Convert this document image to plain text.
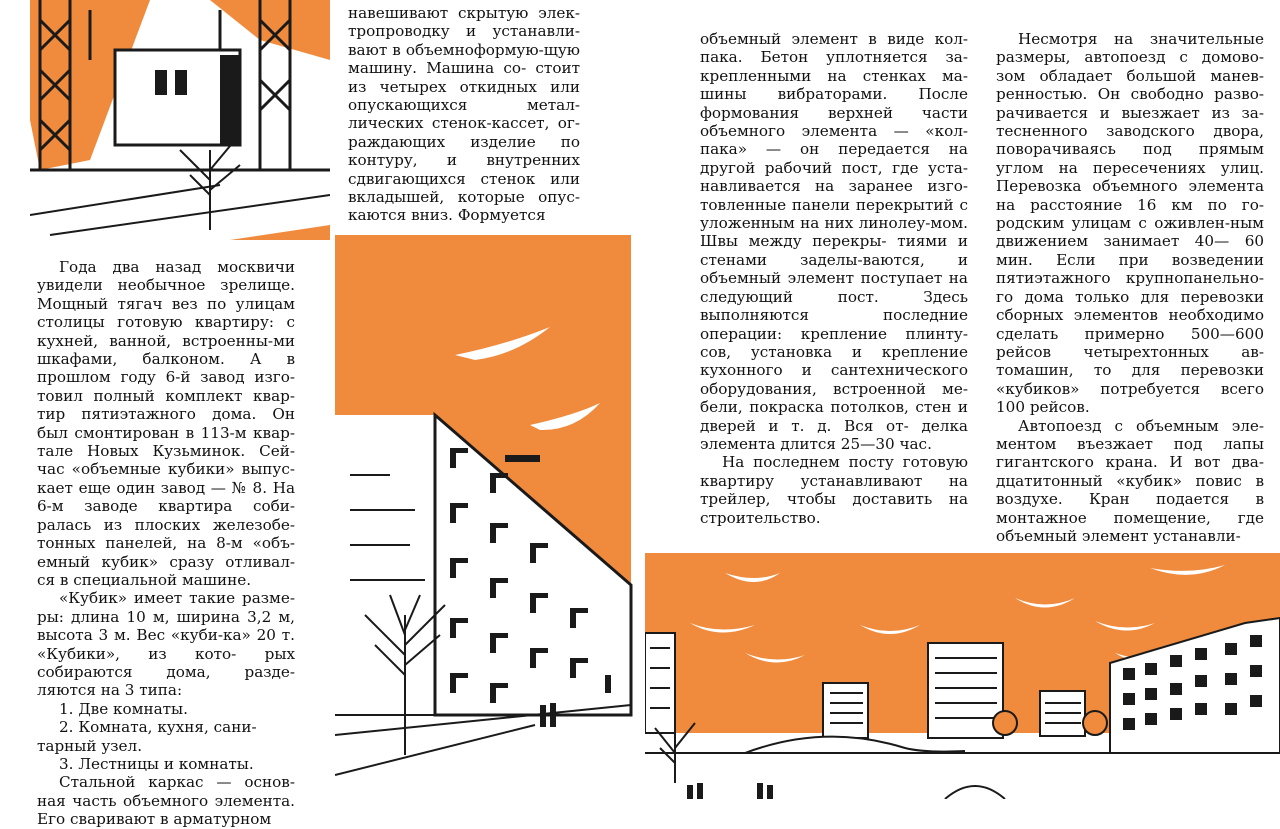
Года два назад москвичи увидели необычное зрелище. Мощный тягач вез по улицам столицы готовую квартиру: с кухней, ванной, встроенны-ми шкафами, балконом. А в прошлом году 6-й завод изго-товил полный комплект квар- тир пятиэтажного дома. Он был смонтирован в 113-м квар- тале Новых Кузьминок. Сей- час «объемные кубики» выпус- кает еще один завод — № 8. На 6-м заводе квартира соби- ралась из плоских железобе-тонных панелей, на 8-м «объ- емный кубик» сразу отливал- ся в специальной машине.

«Кубик» имеет такие разме-ры: длина 10 м, ширина 3,2 м, высота 3 м. Вес «куби-ка» 20 т. «Кубики», из кото- рых собираются дома, разде-ляются на 3 типа:

1. Две комнаты.
2. Комната, кухня, сани- тарный узел.
3. Лестницы и комнаты.

Стальной каркас — основ-ная часть объемного элемента. Его сваривают в арматурном

навешивают скрытую элек-тропроводку и устанавли- вают в объемноформую-щую машину. Машина со- стоит из четырех откидных или опускающихся метал- лических стенок-кассет, ог- раждающих изделие по контуру, и внутренних сдвигающихся стенок или вкладышей, которые опус-каются вниз. Формуется

объемный элемент в виде кол-пака. Бетон уплотняется за- крепленными на стенках ма-шины вибраторами. После формования верхней части объемного элемента — «кол- пака» — он передается на другой рабочий пост, где уста- навливается на заранее изго-товленные панели перекрытий с уложенным на них линолеу-мом. Швы между перекры- тиями и стенами заделы-ваются, и объемный элемент поступает на следующий пост.	Здесь выполняются последние операции: крепление плинту-сов, установка и крепление кухонного и сантехнического оборудования, встроенной ме- бели, покраска потолков, стен и дверей и т. д. Вся от- делка элемента длится 25—30 час.

На последнем посту готовую квартиру устанавливают на трейлер, чтобы доставить на строительство.

Несмотря на значительные размеры, автопоезд с домово- зом обладает большой манев-ренностью. Он свободно разво- рачивается и выезжает из за-тесненного заводского двора, поворачиваясь под прямым углом на пересечениях улиц. Перевозка объемного элемента на расстояние 16 км по го- родским улицам с оживлен-ным движением занимает 40— 60 мин. Если при возведении пятиэтажного крупнопанельно- го дома только для перевозки сборных элементов необходимо сделать примерно 500—600 рейсов четырехтонных ав- томашин, то для перевозки «кубиков» потребуется всего 100 рейсов.

Автопоезд с объемным эле-ментом въезжает под лапы гигантского крана. И вот два-дцатитонный «кубик» повис в воздухе. Кран подается в монтажное помещение, где объемный элемент устанавли-
